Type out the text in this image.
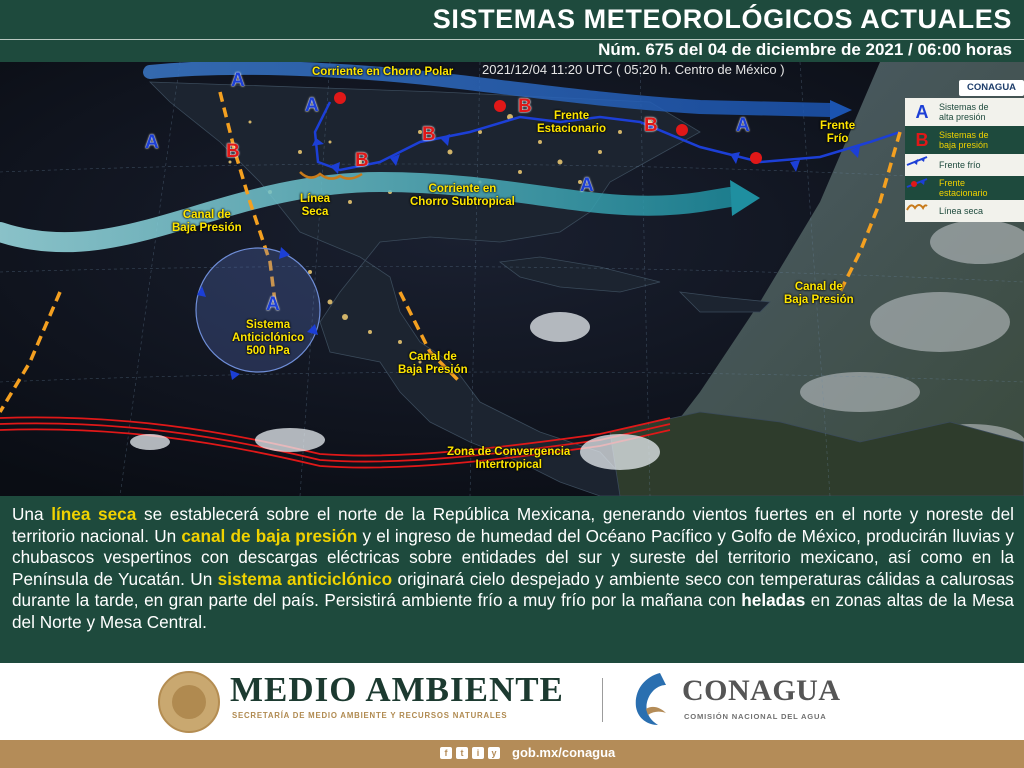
SISTEMAS METEOROLÓGICOS ACTUALES
Núm. 675 del 04 de diciembre de 2021 / 06:00 horas
2021/12/04 11:20 UTC ( 05:20 h. Centro de México )
A
A
A
A
A
A
B	B
B
B
B
Corriente en Chorro Polar
Corriente en
Chorro Subtropical
Frente
Estacionario	Frente
Frío
Canal de
Baja Presión
Línea
Seca
Sistema
Anticiclónico
500 hPa	Canal de
Baja Presión
Canal de
Baja Presión
Zona de Convergencia
Intertropical
CONAGUA
A	Sistemas de
alta presión
B	Sistemas de
baja presión
Frente frío
Frente
estacionario
Línea seca

Una línea seca se establecerá sobre el norte de la República Mexicana, generando vientos fuertes en el norte y noreste del territorio nacional. Un canal de baja presión y el ingreso de humedad del Océano Pacífico y Golfo de México, producirán lluvias y chubascos vespertinos con descargas eléctricas sobre entidades del sur y sureste del territorio mexicano, así como en la Península de Yucatán. Un sistema anticiclónico originará cielo despejado y ambiente seco con temperaturas cálidas a calurosas durante la tarde, en gran parte del país. Persistirá ambiente frío a muy frío por la mañana con heladas en zonas altas de la Mesa del Norte y Mesa Central.

MEDIO AMBIENTE
SECRETARÍA DE MEDIO AMBIENTE Y RECURSOS NATURALES
CONAGUA
COMISIÓN NACIONAL DEL AGUA
f	t	i	y gob.mx/conagua
